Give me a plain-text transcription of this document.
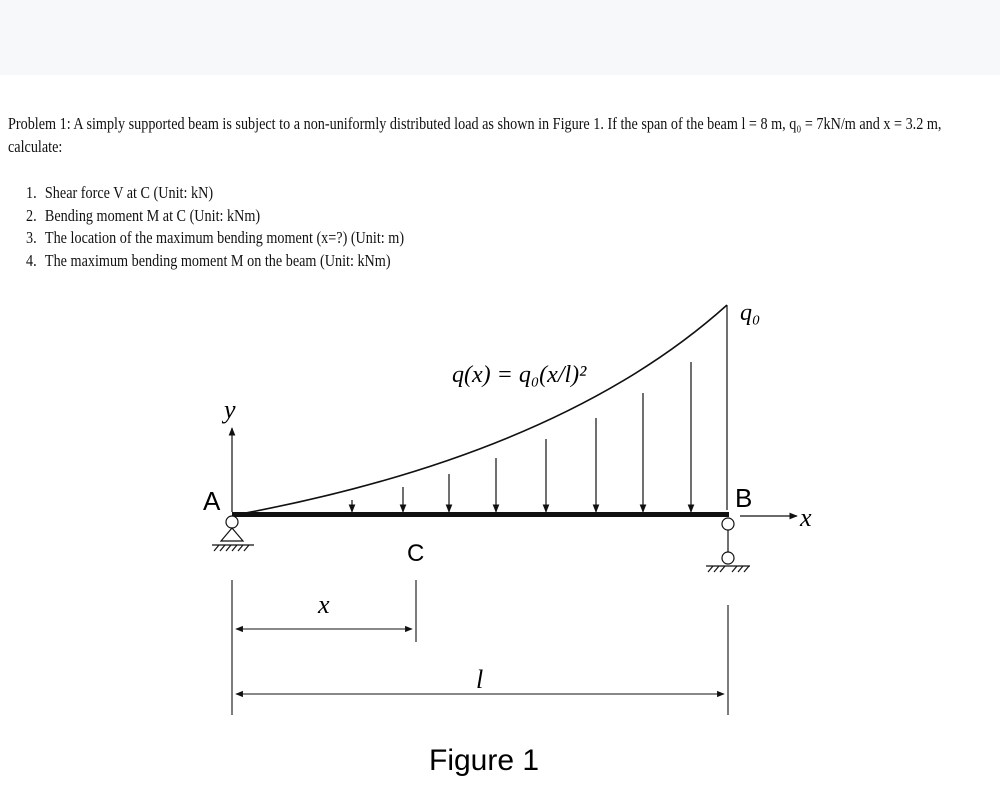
Problem 1: A simply supported beam is subject to a non-uniformly distributed load as shown in Figure 1. If the span of the beam l = 8 m, q₀ = 7kN/m and x = 3.2 m,
calculate:
1. Shear force V at C (Unit: kN)
2. Bending moment M at C (Unit: kNm)
3. The location of the maximum bending moment (x=?) (Unit: m)
4. The maximum bending moment M on the beam (Unit: kNm)
A	B
C
y
x
q₀
q(x) = q₀(x/l)²
x
l
Figure 1
